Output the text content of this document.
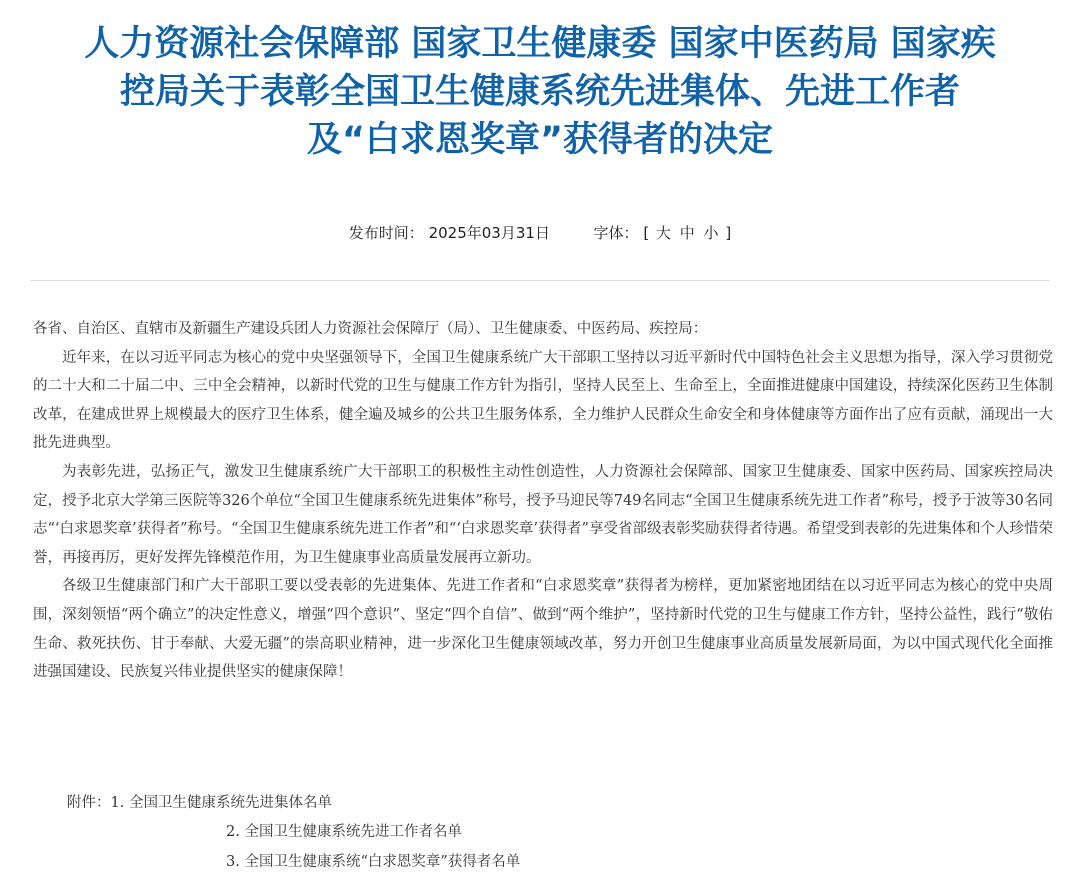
人力资源社会保障部 国家卫生健康委 国家中医药局 国家疾
控局关于表彰全国卫生健康系统先进集体、先进工作者
及“白求恩奖章”获得者的决定
发布时间： 2025年03月31日	字体： [ 大 中 小 ]

各省、自治区、直辖市及新疆生产建设兵团人力资源社会保障厅（局）、卫生健康委、中医药局、疾控局：

近年来，在以习近平同志为核心的党中央坚强领导下，全国卫生健康系统广大干部职工坚持以习近平新时代中国特色社会主义思想为指导，深入学习贯彻党的二十大和二十届二中、三中全会精神，以新时代党的卫生与健康工作方针为指引，坚持人民至上、生命至上，全面推进健康中国建设，持续深化医药卫生体制改革，在建成世界上规模最大的医疗卫生体系，健全遍及城乡的公共卫生服务体系，全力维护人民群众生命安全和身体健康等方面作出了应有贡献，涌现出一大批先进典型。

为表彰先进，弘扬正气，激发卫生健康系统广大干部职工的积极性主动性创造性，人力资源社会保障部、国家卫生健康委、国家中医药局、国家疾控局决定，授予北京大学第三医院等326个单位“全国卫生健康系统先进集体”称号，授予马迎民等749名同志“全国卫生健康系统先进工作者”称号，授予于波等30名同志“‘白求恩奖章’获得者”称号。“全国卫生健康系统先进工作者”和“‘白求恩奖章’获得者”享受省部级表彰奖励获得者待遇。希望受到表彰的先进集体和个人珍惜荣誉，再接再厉，更好发挥先锋模范作用，为卫生健康事业高质量发展再立新功。

各级卫生健康部门和广大干部职工要以受表彰的先进集体、先进工作者和“白求恩奖章”获得者为榜样，更加紧密地团结在以习近平同志为核心的党中央周围，深刻领悟“两个确立”的决定性意义，增强“四个意识”、坚定“四个自信”、做到“两个维护”，坚持新时代党的卫生与健康工作方针，坚持公益性，践行“敬佑生命、救死扶伤、甘于奉献、大爱无疆”的崇高职业精神，进一步深化卫生健康领域改革，努力开创卫生健康事业高质量发展新局面，为以中国式现代化全面推进强国建设、民族复兴伟业提供坚实的健康保障！

附件：1. 全国卫生健康系统先进集体名单
2. 全国卫生健康系统先进工作者名单
3. 全国卫生健康系统“白求恩奖章”获得者名单
